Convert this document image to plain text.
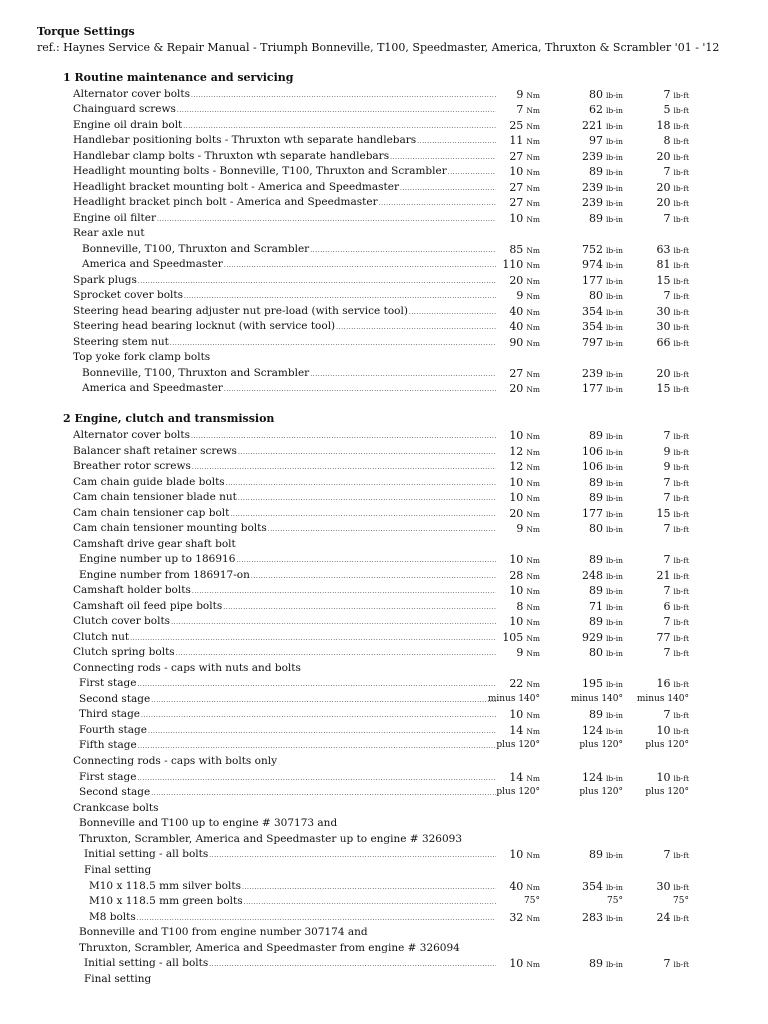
Torque Settings
ref.: Haynes Service & Repair Manual - Triumph Bonneville, T100, Speedmaster, America, Thruxton & Scrambler '01 - '12
1 Routine maintenance and servicing
2 Engine, clutch and transmission
Alternator cover bolts .....	9 Nm	80 lb-in	7 lb-ft
Chainguard screws .....	7 Nm	62 lb-in	5 lb-ft
Engine oil drain bolt .....	25 Nm	221 lb-in	18 lb-ft
Handlebar positioning bolts - Thruxton wth separate handlebars .....	11 Nm	97 lb-in	8 lb-ft
Handlebar clamp bolts - Thruxton wth separate handlebars .....	27 Nm	239 lb-in	20 lb-ft
Headlight mounting bolts - Bonneville, T100, Thruxton and Scrambler .....	10 Nm	89 lb-in	7 lb-ft
Headlight bracket mounting bolt - America and Speedmaster .....	27 Nm	239 lb-in	20 lb-ft
Headlight bracket pinch bolt - America and Speedmaster .....	27 Nm	239 lb-in	20 lb-ft
Engine oil filter .....	10 Nm	89 lb-in	7 lb-ft
Rear axle nut
Bonneville, T100, Thruxton and Scrambler .....	85 Nm	752 lb-in	63 lb-ft
America and Speedmaster .....	110 Nm	974 lb-in	81 lb-ft
Spark plugs .....	20 Nm	177 lb-in	15 lb-ft
Sprocket cover bolts .....	9 Nm	80 lb-in	7 lb-ft
Steering head bearing adjuster nut pre-load (with service tool) .....	40 Nm	354 lb-in	30 lb-ft
Steering head bearing locknut (with service tool) .....	40 Nm	354 lb-in	30 lb-ft
Steering stem nut .....	90 Nm	797 lb-in	66 lb-ft
Top yoke fork clamp bolts
Bonneville, T100, Thruxton and Scrambler .....	27 Nm	239 lb-in	20 lb-ft
America and Speedmaster .....	20 Nm	177 lb-in	15 lb-ft
Alternator cover bolts .....	10 Nm	89 lb-in	7 lb-ft
Balancer shaft retainer screws .....	12 Nm	106 lb-in	9 lb-ft
Breather rotor screws .....	12 Nm	106 lb-in	9 lb-ft
Cam chain guide blade bolts .....	10 Nm	89 lb-in	7 lb-ft
Cam chain tensioner blade nut .....	10 Nm	89 lb-in	7 lb-ft
Cam chain tensioner cap bolt .....	20 Nm	177 lb-in	15 lb-ft
Cam chain tensioner mounting bolts .....	9 Nm	80 lb-in	7 lb-ft
Camshaft drive gear shaft bolt
Engine number up to 186916 .....	10 Nm	89 lb-in	7 lb-ft
Engine number from 186917-on .....	28 Nm	248 lb-in	21 lb-ft
Camshaft holder bolts .....	10 Nm	89 lb-in	7 lb-ft
Camshaft oil feed pipe bolts .....	8 Nm	71 lb-in	6 lb-ft
Clutch cover bolts .....	10 Nm	89 lb-in	7 lb-ft
Clutch nut .....	105 Nm	929 lb-in	77 lb-ft
Clutch spring bolts .....	9 Nm	80 lb-in	7 lb-ft
Connecting rods - caps with nuts and bolts
First stage .....	22 Nm	195 lb-in	16 lb-ft
Second stage .....	minus 140°	minus 140° minus 140°
Third stage .....	10 Nm	89 lb-in	7 lb-ft
Fourth stage .....	14 Nm	124 lb-in	10 lb-ft
Fifth stage .....	plus 120°	plus 120° plus 120°
Connecting rods - caps with bolts only
First stage .....	14 Nm	124 lb-in	10 lb-ft
Second stage .....	plus 120°	plus 120° plus 120°
Crankcase bolts
Bonneville and T100 up to engine # 307173 and
Thruxton, Scrambler, America and Speedmaster up to engine # 326093
Initial setting - all bolts .....	10 Nm	89 lb-in	7 lb-ft
Final setting
M10 x 118.5 mm silver bolts .....	40 Nm	354 lb-in	30 lb-ft
M10 x 118.5 mm green bolts .....	75°	75°	75°
M8 bolts .....	32 Nm	283 lb-in	24 lb-ft
Bonneville and T100 from engine number 307174 and
Thruxton, Scrambler, America and Speedmaster from engine # 326094
Initial setting - all bolts .....	10 Nm	89 lb-in	7 lb-ft
Final setting
